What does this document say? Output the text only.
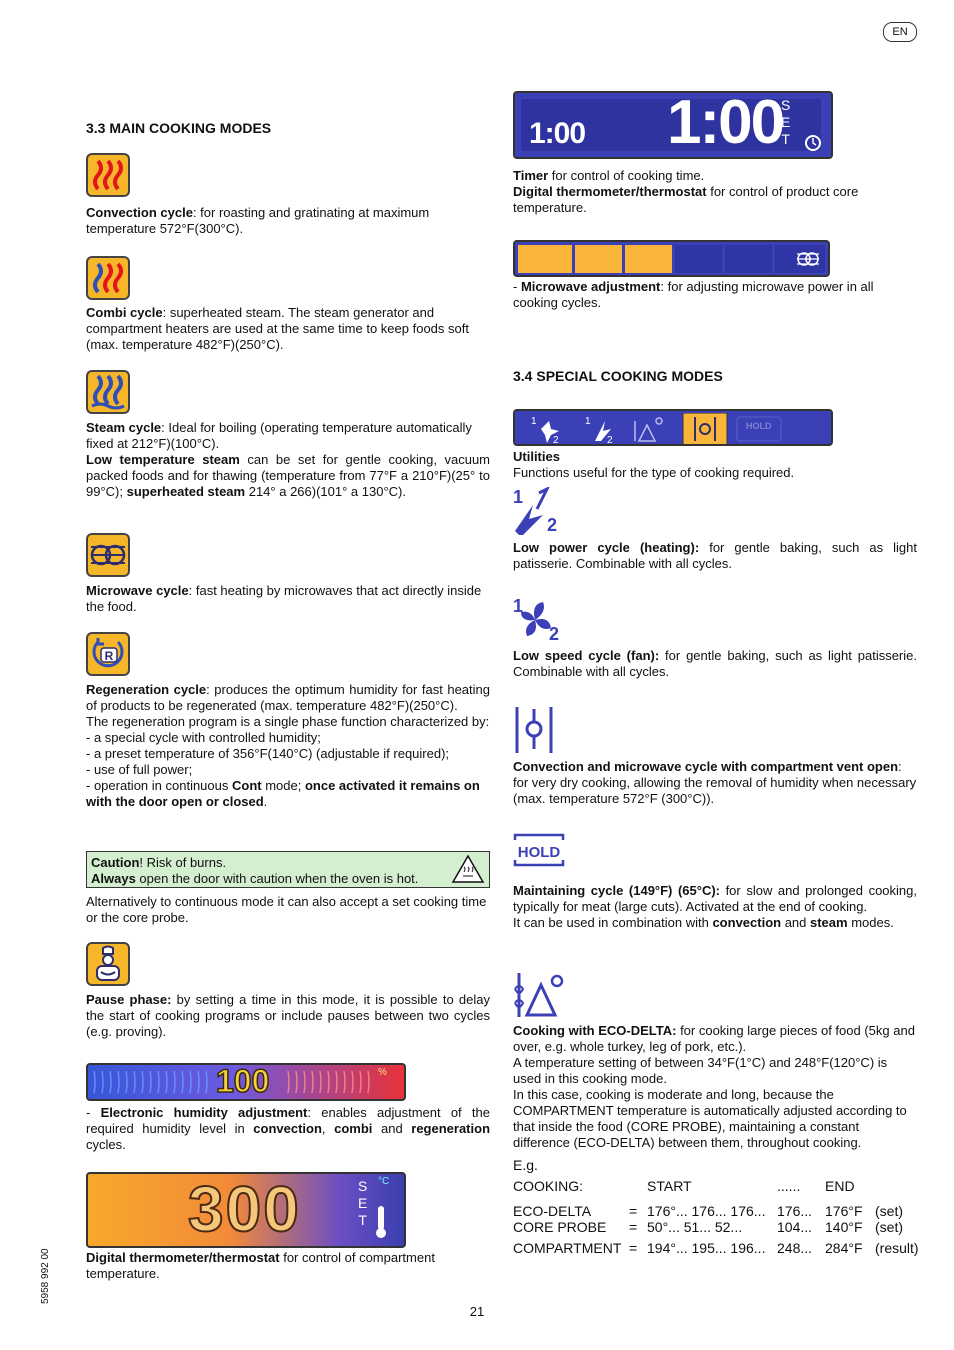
EN
3.3 MAIN COOKING MODES

Convection cycle: for roasting and gratinating at maximum temperature 572°F(300°C).

Combi cycle: superheated steam. The steam generator and compartment heaters are used at the same time to keep foods soft (max. temperature 482°F)(250°C).

Steam cycle: Ideal for boiling (operating temperature automatically fixed at 212°F)(100°C).

Low temperature steam can be set for gentle cooking, vacuum packed foods and for thawing (temperature from 77°F a 210°F)(25° to 99°C); superheated steam 214° a 266)(101° a 130°C).

Microwave cycle: fast heating by microwaves that act directly inside the food.

R

Regeneration cycle: produces the optimum humidity for fast heating of products to be regenerated (max. temperature 482°F)(250°C).

The regeneration program is a single phase function characterized by:

- a special cycle with controlled humidity;

- a preset temperature of 356°F(140°C) (adjustable if required);

- use of full power;

- operation in continuous Cont mode; once activated it remains on with the door open or closed.

Caution! Risk of burns.
Always open the door with caution when the oven is hot.

Alternatively to continuous mode it can also accept a set cooking time or the core probe.

Pause phase: by setting a time in this mode, it is possible to delay the start of cooking programs or include pauses between two cycles (e.g. proving).

100	%

- Electronic humidity adjustment: enables adjustment of the required humidity level in convection, combi and regeneration cycles.

300	S
E
T
°C

Digital thermometer/thermostat for control of compartment temperature.

1:00 1:00
S
E
T

Timer for control of cooking time.

Digital thermometer/thermostat for control of product core temperature.

- Microwave adjustment: for adjusting microwave power in all cooking cycles.

3.4 SPECIAL COOKING MODES
1
2
1
2
HOLD

Utilities

Functions useful for the type of cooking required.

1
2

Low power cycle (heating): for gentle baking, such as light patisserie. Combinable with all cycles.

1
2

Low speed cycle (fan): for gentle baking, such as light patisserie. Combinable with all cycles.

Convection and microwave cycle with compartment vent open: for very dry cooking, allowing the removal of humidity when necessary (max. temperature 572°F (300°C)).

HOLD

Maintaining cycle (149°F) (65°C): for slow and prolonged cooking, typically for meat (large cuts). Activated at the end of cooking.

It can be used in combination with convection and steam modes.

Cooking with ECO-DELTA: for cooking large pieces of food (5kg and over, e.g. whole turkey, leg of pork, etc.).

A temperature setting of between 34°F(1°C) and 248°F(120°C) is used in this cooking mode.

In this case, cooking is moderate and long, because the COMPARTMENT temperature is automatically adjusted according to that inside the food (CORE PROBE), maintaining a constant difference (ECO-DELTA) between them, throughout cooking.

E.g.

COOKING:		START	......	END	

ECO-DELTA	=	176°... 176... 176...	176...	176°F	(set)
CORE PROBE	=	50°... 51... 52...	104...	140°F	(set)

COMPARTMENT	=	194°... 195... 196...	248...	284°F	(result)
5958 992 00
21
